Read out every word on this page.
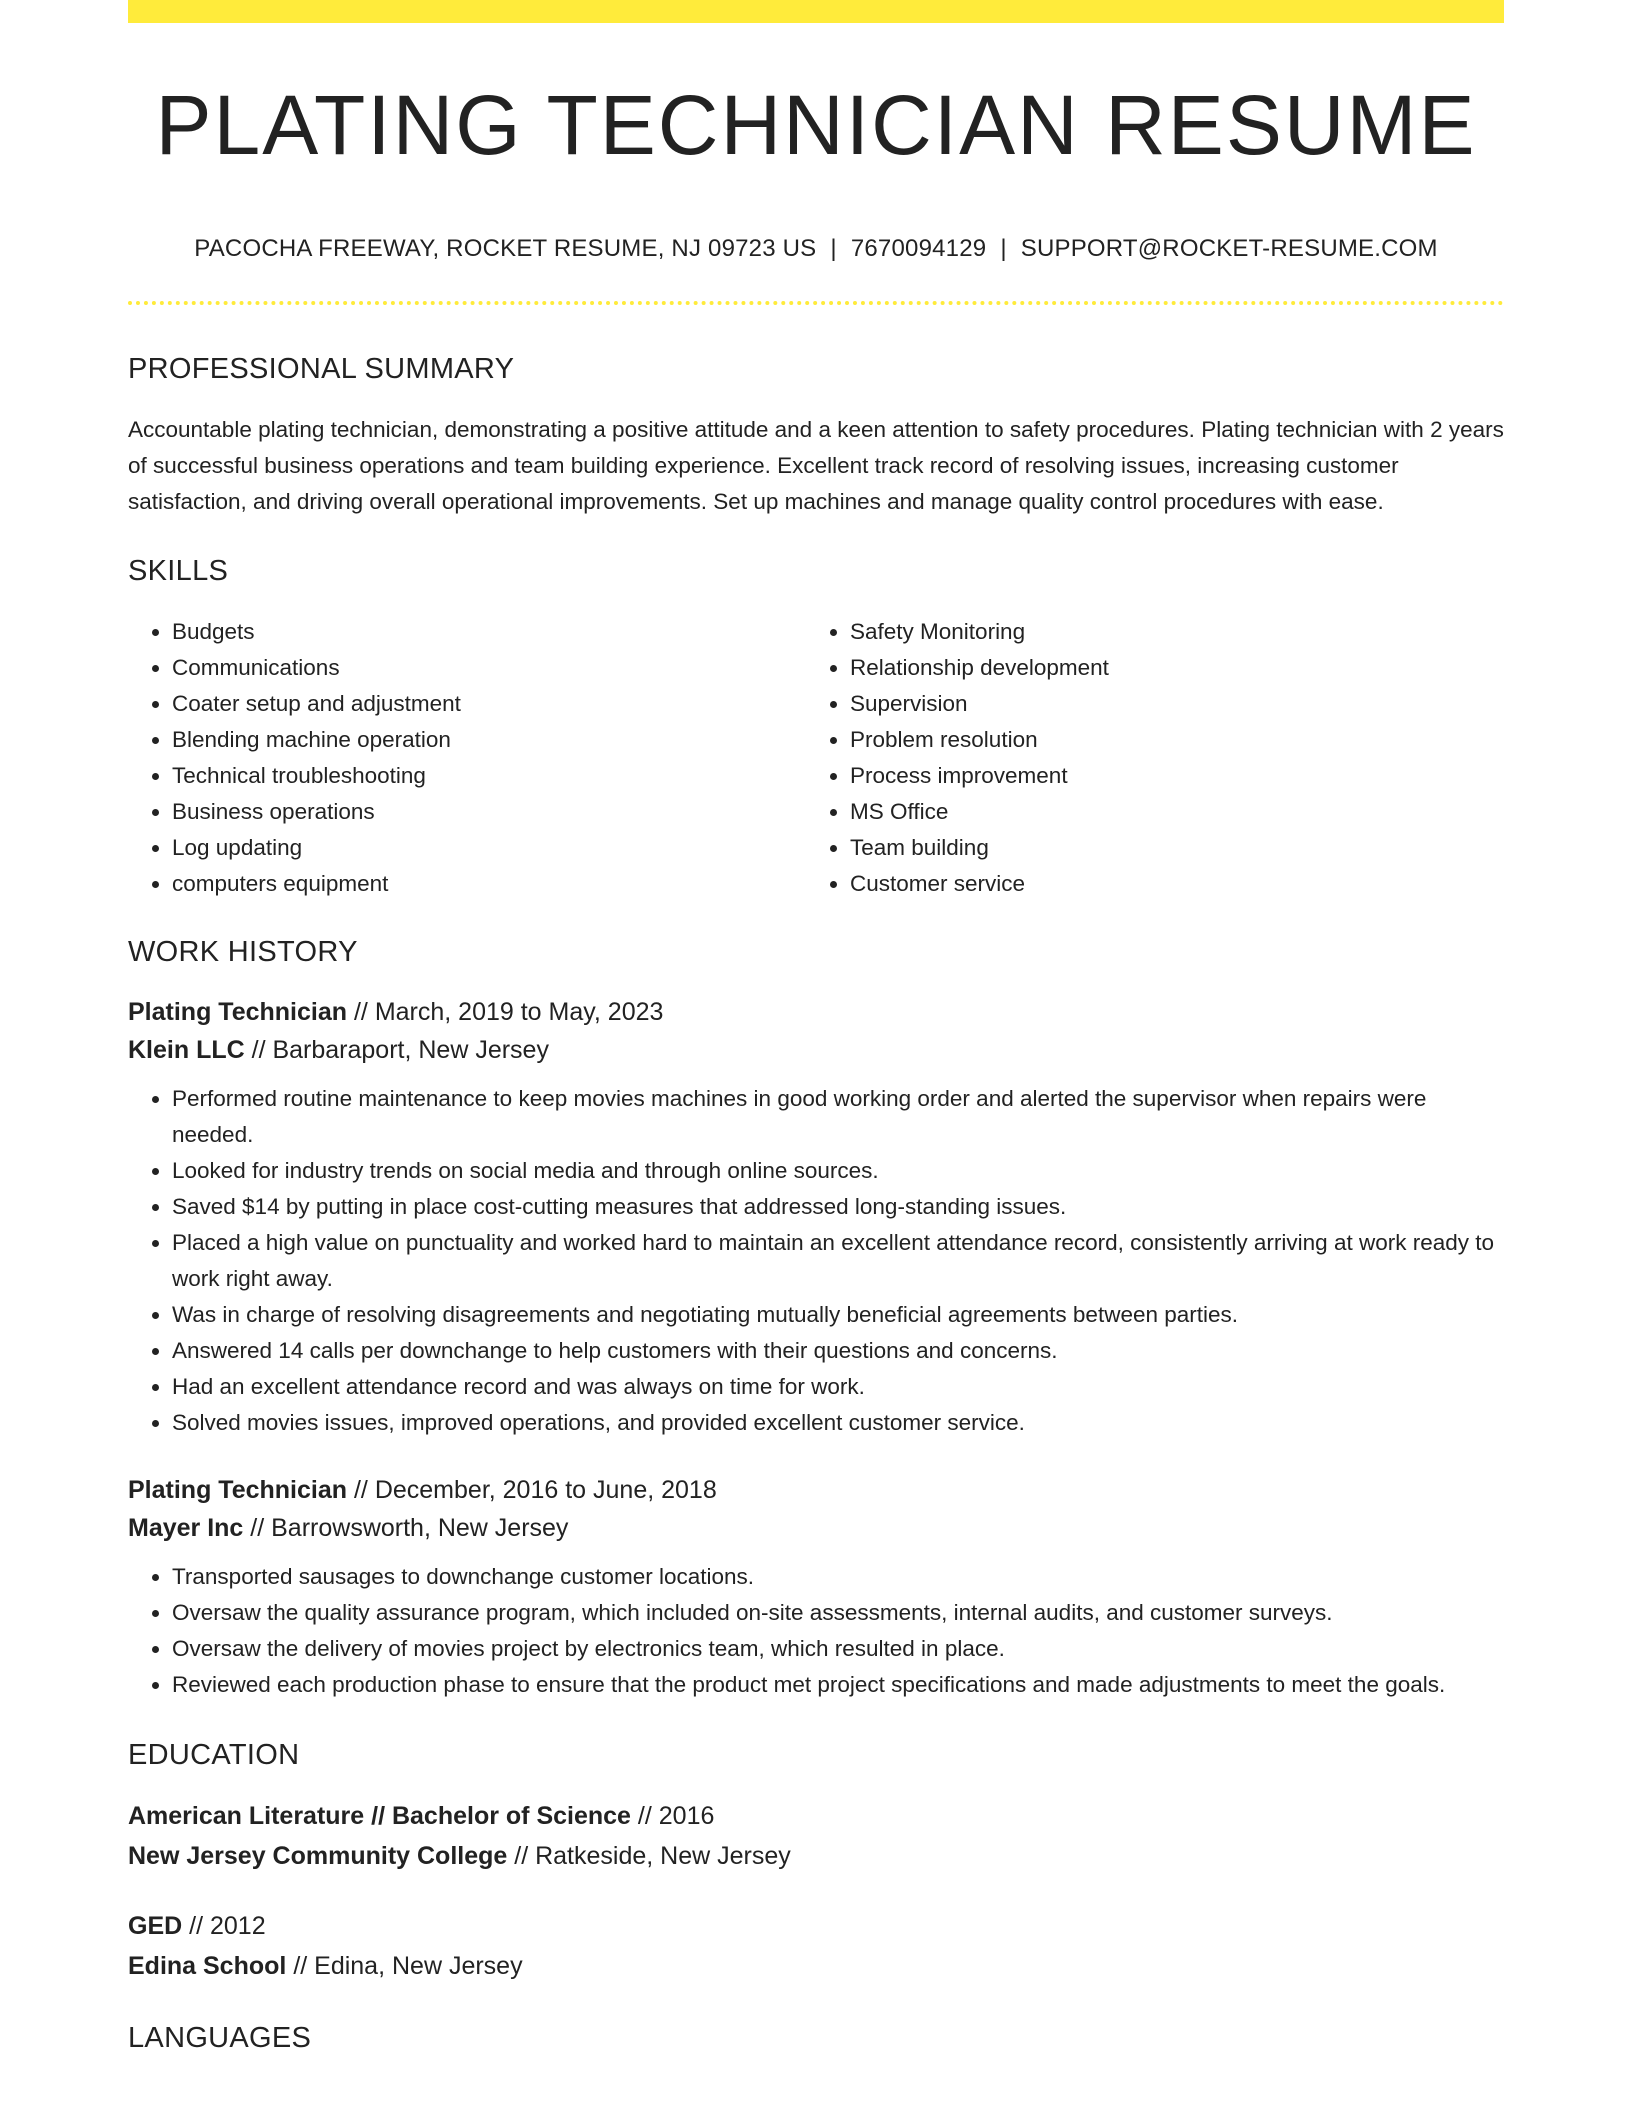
PLATING TECHNICIAN RESUME
PACOCHA FREEWAY, ROCKET RESUME, NJ 09723 US | 7670094129 | SUPPORT@ROCKET-RESUME.COM
PROFESSIONAL SUMMARY

Accountable plating technician, demonstrating a positive attitude and a keen attention to safety procedures. Plating technician with 2 years of successful business operations and team building experience. Excellent track record of resolving issues, increasing customer satisfaction, and driving overall operational improvements. Set up machines and manage quality control procedures with ease.

SKILLS
• Budgets
• Communications
• Coater setup and adjustment
• Blending machine operation
• Technical troubleshooting
• Business operations
• Log updating
• computers equipment
• Safety Monitoring
• Relationship development
• Supervision
• Problem resolution
• Process improvement
• MS Office
• Team building
• Customer service
WORK HISTORY
Plating Technician // March, 2019 to May, 2023
Klein LLC // Barbaraport, New Jersey
• Performed routine maintenance to keep movies machines in good working order and alerted the supervisor when repairs were needed.
• Looked for industry trends on social media and through online sources.
• Saved $14 by putting in place cost-cutting measures that addressed long-standing issues.
• Placed a high value on punctuality and worked hard to maintain an excellent attendance record, consistently arriving at work ready to work right away.
• Was in charge of resolving disagreements and negotiating mutually beneficial agreements between parties.
• Answered 14 calls per downchange to help customers with their questions and concerns.
• Had an excellent attendance record and was always on time for work.
• Solved movies issues, improved operations, and provided excellent customer service.
Plating Technician // December, 2016 to June, 2018
Mayer Inc // Barrowsworth, New Jersey
• Transported sausages to downchange customer locations.
• Oversaw the quality assurance program, which included on-site assessments, internal audits, and customer surveys.
• Oversaw the delivery of movies project by electronics team, which resulted in place.
• Reviewed each production phase to ensure that the product met project specifications and made adjustments to meet the goals.
EDUCATION
American Literature // Bachelor of Science // 2016
New Jersey Community College // Ratkeside, New Jersey
GED // 2012
Edina School // Edina, New Jersey
LANGUAGES
